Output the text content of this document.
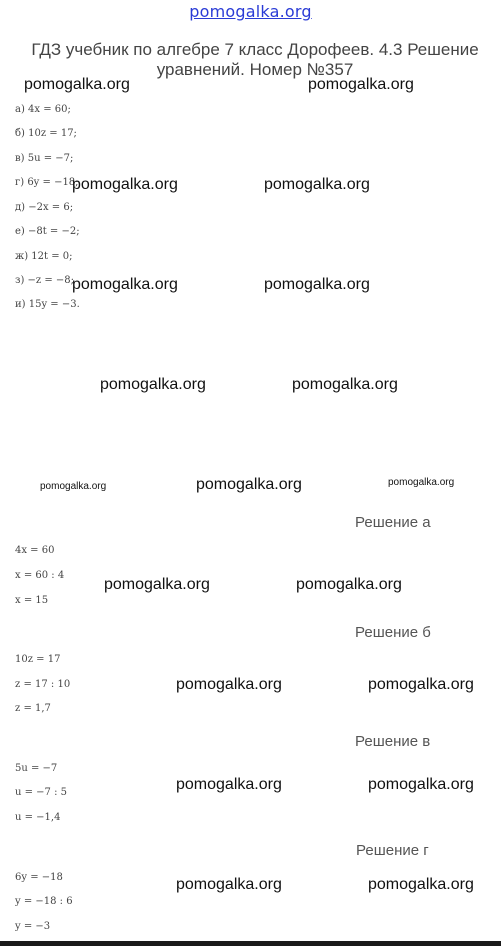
pomogalka.org
ГДЗ учебник по алгебре 7 класс Дорофеев. 4.3 Решение уравнений. Номер №357
а) 4x = 60;
б) 10z = 17;
в) 5u = −7;
г) 6y = −18;
д) −2x = 6;
е) −8t = −2;
ж) 12t = 0;
з) −z = −8;
и) 15y = −3.
Решение а
4x = 60
x = 60 : 4
x = 15
Решение б
10z = 17
z = 17 : 10
z = 1,7
Решение в
5u = −7
u = −7 : 5
u = −1,4
Решение г
6y = −18
y = −18 : 6
y = −3
pomogalka.org	pomogalka.org
pomogalka.org	pomogalka.org
pomogalka.org	pomogalka.org
pomogalka.org	pomogalka.org
pomogalka.org	pomogalka.org	pomogalka.org
pomogalka.org	pomogalka.org
pomogalka.org	pomogalka.org
pomogalka.org	pomogalka.org
pomogalka.org	pomogalka.org
